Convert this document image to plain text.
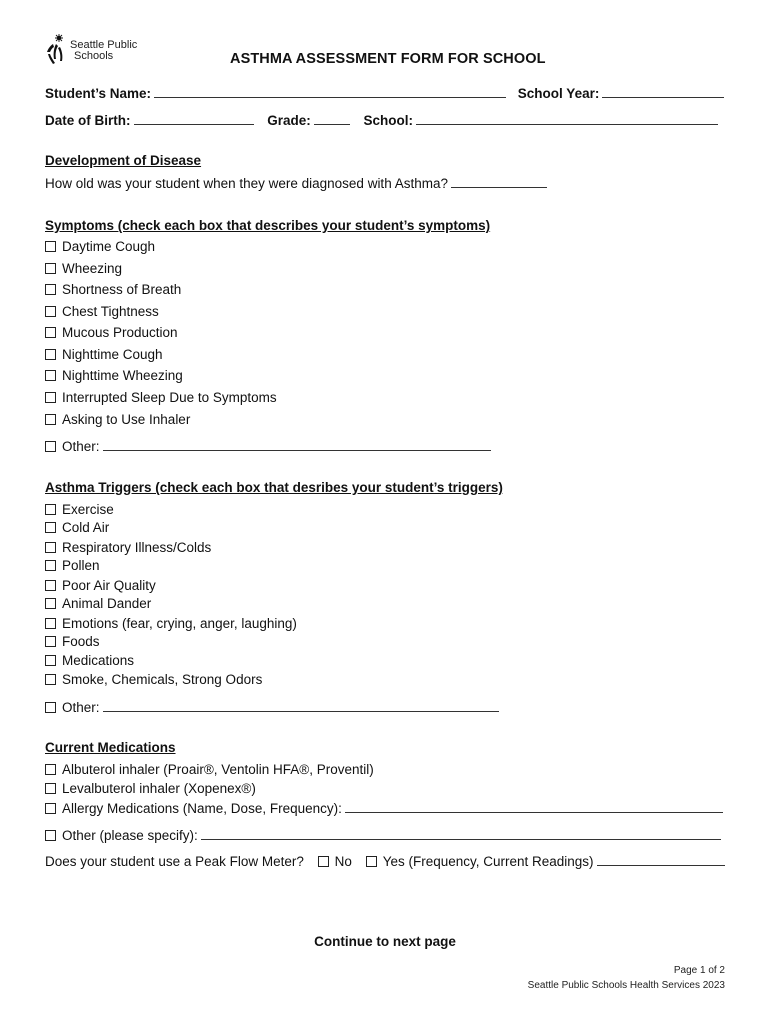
Seattle Public
Schools	ASTHMA ASSESSMENT FORM FOR SCHOOL
Student’s Name:	School Year:
Date of Birth:	Grade:	School:
Development of Disease
How old was your student when they were diagnosed with Asthma?
Symptoms (check each box that describes your student’s symptoms)
Daytime Cough
Wheezing
Shortness of Breath
Chest Tightness
Mucous Production
Nighttime Cough
Nighttime Wheezing
Interrupted Sleep Due to Symptoms
Asking to Use Inhaler
Other:
Asthma Triggers (check each box that desribes your student’s triggers)
Exercise
Cold Air
Respiratory Illness/Colds
Pollen
Poor Air Quality
Animal Dander
Emotions (fear, crying, anger, laughing)
Foods
Medications
Smoke, Chemicals, Strong Odors
Other:
Current Medications
Albuterol inhaler (Proair®, Ventolin HFA®, Proventil)
Levalbuterol inhaler (Xopenex®)
Allergy Medications (Name, Dose, Frequency):
Other (please specify):
Does your student use a Peak Flow Meter? No Yes (Frequency, Current Readings)
Continue to next page
Page 1 of 2
Seattle Public Schools Health Services 2023
